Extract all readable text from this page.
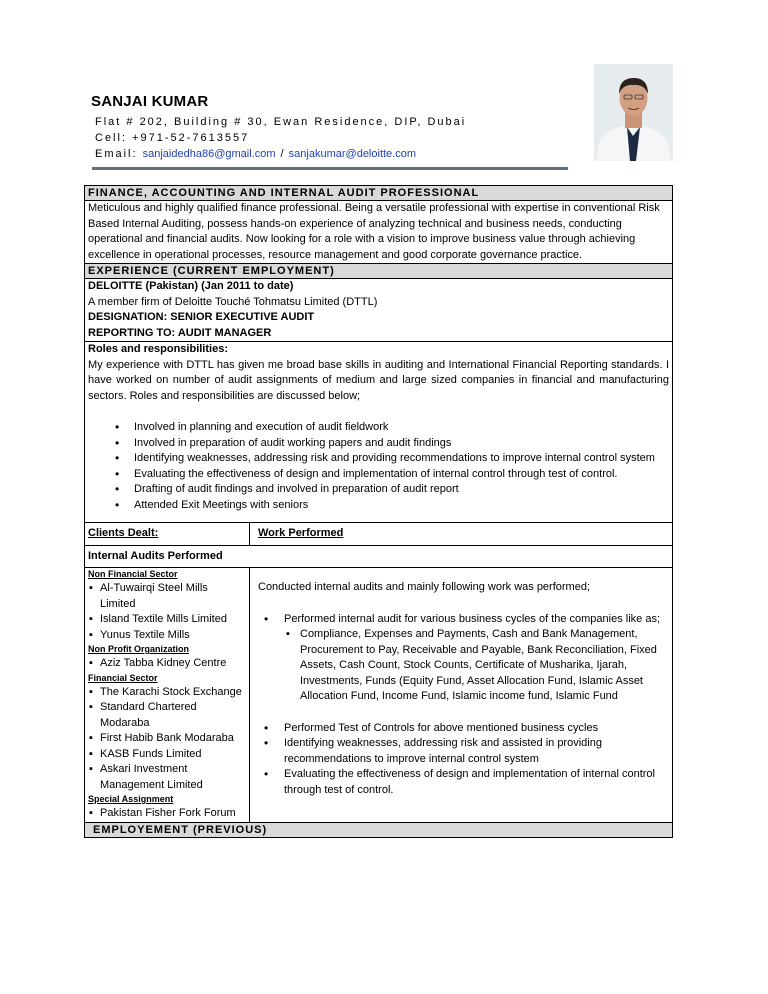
SANJAI KUMAR
Flat # 202, Building # 30, Ewan Residence, DIP, Dubai
Cell: +971-52-7613557
Email: sanjaidedha86@gmail.com / sanjakumar@deloitte.com
FINANCE, ACCOUNTING AND INTERNAL AUDIT PROFESSIONAL
Meticulous and highly qualified finance professional. Being a versatile professional with expertise in conventional Risk Based Internal Auditing, possess hands-on experience of analyzing technical and business needs, conducting operational and financial audits. Now looking for a role with a vision to improve business value through achieving excellence in operational processes, resource management and good corporate governance practice.
EXPERIENCE (CURRENT EMPLOYMENT)
DELOITTE (Pakistan) (Jan 2011 to date)
A member firm of Deloitte Touché Tohmatsu Limited (DTTL)
DESIGNATION: SENIOR EXECUTIVE AUDIT
REPORTING TO: AUDIT MANAGER
Roles and responsibilities:
My experience with DTTL has given me broad base skills in auditing and International Financial Reporting standards. I have worked on number of audit assignments of medium and large sized companies in financial and manufacturing sectors. Roles and responsibilities are discussed below;
• Involved in planning and execution of audit fieldwork
• Involved in preparation of audit working papers and audit findings
• Identifying weaknesses, addressing risk and providing recommendations to improve internal control system
• Evaluating the effectiveness of design and implementation of internal control through test of control.
• Drafting of audit findings and involved in preparation of audit report
• Attended Exit Meetings with seniors
Clients Dealt:	Work Performed
Internal Audits Performed
Non Financial Sector
▪ Al-Tuwairqi Steel Mills Limited
▪ Island Textile Mills Limited
▪ Yunus Textile Mills
Non Profit Organization
▪ Aziz Tabba Kidney Centre
Financial Sector
▪ The Karachi Stock Exchange
▪ Standard Chartered Modaraba
▪ First Habib Bank Modaraba
▪ KASB Funds Limited
▪ Askari Investment Management Limited
Special Assignment
▪ Pakistan Fisher Fork Forum
Conducted internal audits and mainly following work was performed;
• Performed internal audit for various business cycles of the companies like as;
▪ Compliance, Expenses and Payments, Cash and Bank Management, Procurement to Pay, Receivable and Payable, Bank Reconciliation, Fixed Assets, Cash Count, Stock Counts, Certificate of Musharika, Ijarah, Investments, Funds (Equity Fund, Asset Allocation Fund, Islamic Asset Allocation Fund, Income Fund, Islamic income fund, Islamic Fund
• Performed Test of Controls for above mentioned business cycles
• Identifying weaknesses, addressing risk and assisted in providing recommendations to improve internal control system
• Evaluating the effectiveness of design and implementation of internal control through test of control.
EMPLOYEMENT (PREVIOUS)
